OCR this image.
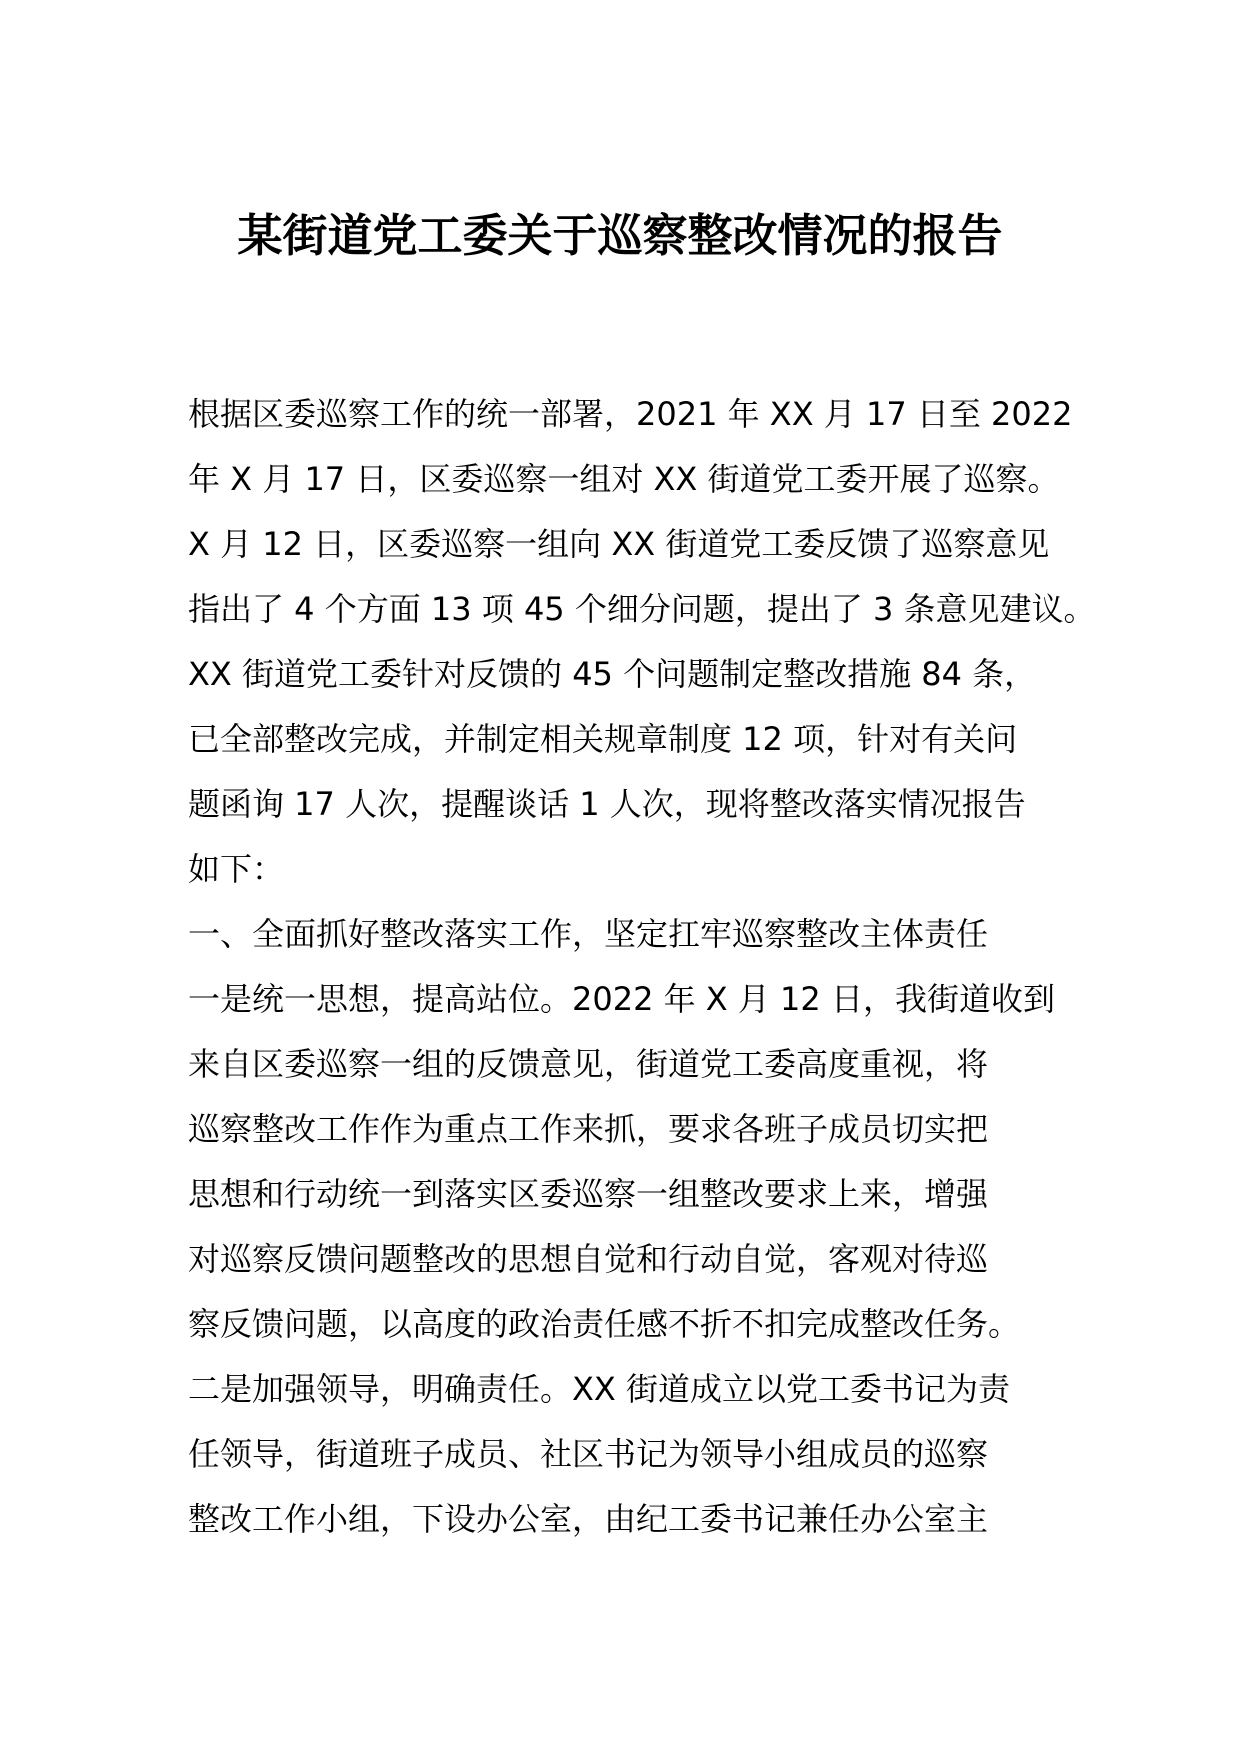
某街道党工委关于巡察整改情况的报告
根据区委巡察工作的统一部署，2021 年 XX 月 17 日至 2022
年 X 月 17 日，区委巡察一组对 XX 街道党工委开展了巡察。
X 月 12 日，区委巡察一组向 XX 街道党工委反馈了巡察意见
指出了 4 个方面 13 项 45 个细分问题，提出了 3 条意见建议。
XX 街道党工委针对反馈的 45 个问题制定整改措施 84 条，
已全部整改完成，并制定相关规章制度 12 项，针对有关问
题函询 17 人次，提醒谈话 1 人次，现将整改落实情况报告
如下：
一、全面抓好整改落实工作，坚定扛牢巡察整改主体责任
一是统一思想，提高站位。2022 年 X 月 12 日，我街道收到
来自区委巡察一组的反馈意见，街道党工委高度重视，将
巡察整改工作作为重点工作来抓，要求各班子成员切实把
思想和行动统一到落实区委巡察一组整改要求上来，增强
对巡察反馈问题整改的思想自觉和行动自觉，客观对待巡
察反馈问题，以高度的政治责任感不折不扣完成整改任务。
二是加强领导，明确责任。XX 街道成立以党工委书记为责
任领导，街道班子成员、社区书记为领导小组成员的巡察
整改工作小组，下设办公室，由纪工委书记兼任办公室主
